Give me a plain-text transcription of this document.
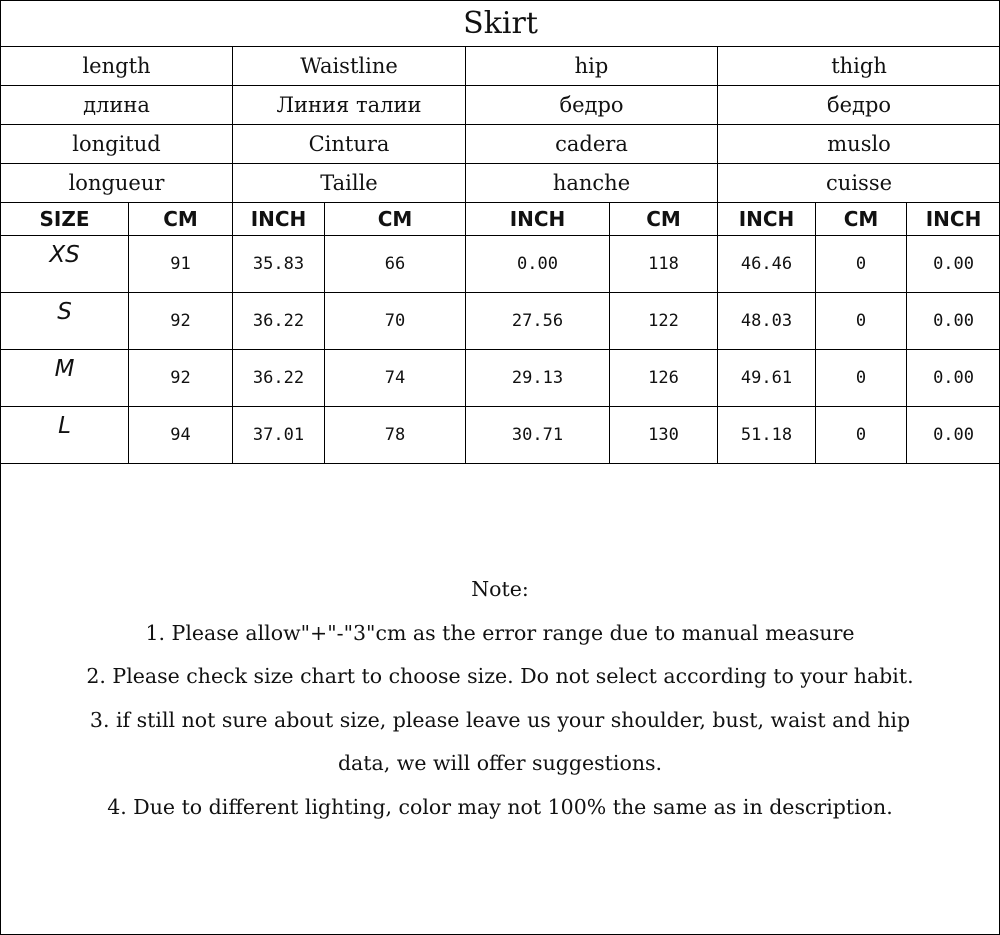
Skirt								
length		Waistline		hip		thigh		
длина		Линия талии		бедро		бедро		
longitud		Cintura		cadera		muslo		
longueur		Taille		hanche		cuisse		
SIZE	CM	INCH	CM	INCH	CM	INCH	CM	INCH
XS	91	35.83	66	0.00	118	46.46	0	0.00
S	92	36.22	70	27.56	122	48.03	0	0.00
M	92	36.22	74	29.13	126	49.61	0	0.00
L	94	37.01	78	30.71	130	51.18	0	0.00
Note:
1. Please allow"+"-"3"cm as the error range due to manual measure
2. Please check size chart to choose size. Do not select according to your habit.
3. if still not sure about size, please leave us your shoulder, bust, waist and hip
data, we will offer suggestions.
4. Due to different lighting, color may not 100% the same as in description.
